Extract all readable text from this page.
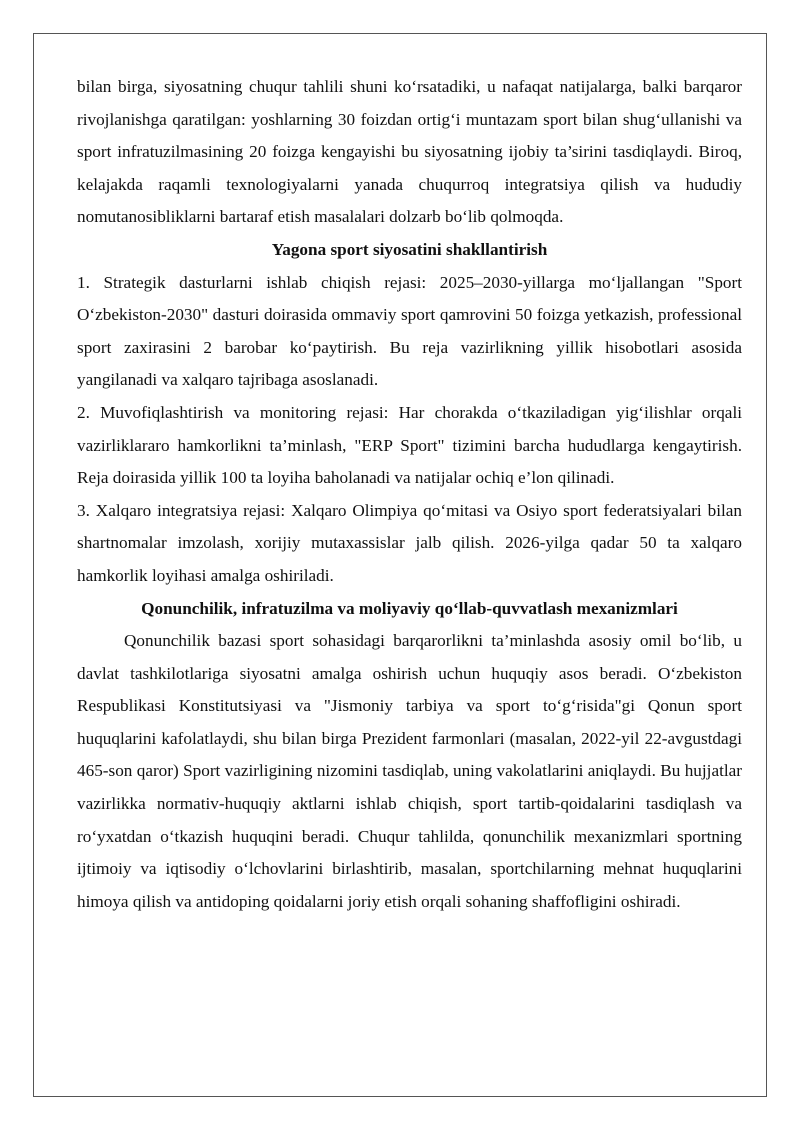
bilan birga, siyosatning chuqur tahlili shuni ko‘rsatadiki, u nafaqat natijalarga, balki barqaror rivojlanishga qaratilgan: yoshlarning 30 foizdan ortig‘i muntazam sport bilan shug‘ullanishi va sport infratuzilmasining 20 foizga kengayishi bu siyosatning ijobiy ta’sirini tasdiqlaydi. Biroq, kelajakda raqamli texnologiyalarni yanada chuqurroq integratsiya qilish va hududiy nomutanosibliklarni bartaraf etish masalalari dolzarb bo‘lib qolmoqda.

Yagona sport siyosatini shakllantirish

1. Strategik dasturlarni ishlab chiqish rejasi: 2025–2030-yillarga mo‘ljallangan "Sport O‘zbekiston-2030" dasturi doirasida ommaviy sport qamrovini 50 foizga yetkazish, professional sport zaxirasini 2 barobar ko‘paytirish. Bu reja vazirlikning yillik hisobotlari asosida yangilanadi va xalqaro tajribaga asoslanadi.

2. Muvofiqlashtirish va monitoring rejasi: Har chorakda o‘tkaziladigan yig‘ilishlar orqali vazirliklararo hamkorlikni ta’minlash, "ERP Sport" tizimini barcha hududlarga kengaytirish. Reja doirasida yillik 100 ta loyiha baholanadi va natijalar ochiq e’lon qilinadi.

3. Xalqaro integratsiya rejasi: Xalqaro Olimpiya qo‘mitasi va Osiyo sport federatsiyalari bilan shartnomalar imzolash, xorijiy mutaxassislar jalb qilish. 2026-yilga qadar 50 ta xalqaro hamkorlik loyihasi amalga oshiriladi.

Qonunchilik, infratuzilma va moliyaviy qo‘llab-quvvatlash mexanizmlari

Qonunchilik bazasi sport sohasidagi barqarorlikni ta’minlashda asosiy omil bo‘lib, u davlat tashkilotlariga siyosatni amalga oshirish uchun huquqiy asos beradi. O‘zbekiston Respublikasi Konstitutsiyasi va "Jismoniy tarbiya va sport to‘g‘risida"gi Qonun sport huquqlarini kafolatlaydi, shu bilan birga Prezident farmonlari (masalan, 2022-yil 22-avgustdagi 465-son qaror) Sport vazirligining nizomini tasdiqlab, uning vakolatlarini aniqlaydi. Bu hujjatlar vazirlikka normativ-huquqiy aktlarni ishlab chiqish, sport tartib-qoidalarini tasdiqlash va ro‘yxatdan o‘tkazish huquqini beradi. Chuqur tahlilda, qonunchilik mexanizmlari sportning ijtimoiy va iqtisodiy o‘lchovlarini birlashtirib, masalan, sportchilarning mehnat huquqlarini himoya qilish va antidoping qoidalarni joriy etish orqali sohaning shaffofligini oshiradi.
